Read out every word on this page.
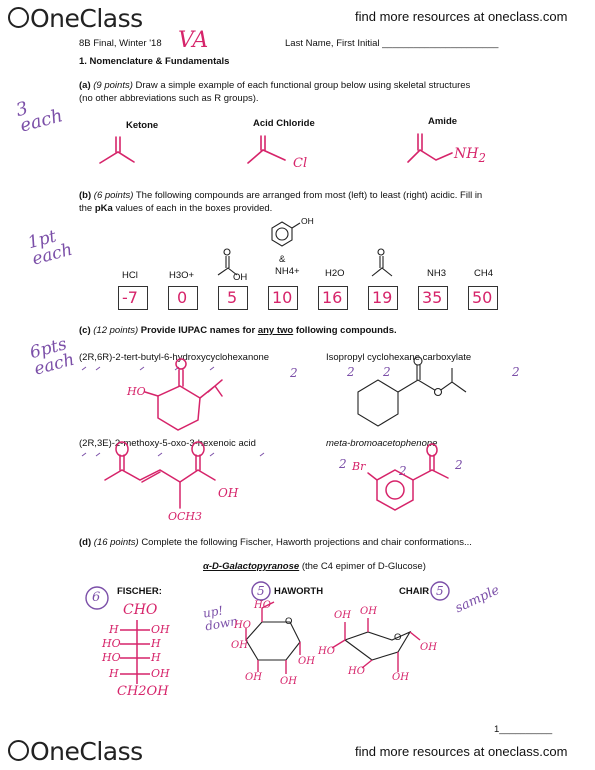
OneClass	find more resources at oneclass.com
8B Final, Winter '18 VA	Last Name, First Initial ______________________
1. Nomenclature & Fundamentals
(a) (9 points) Draw a simple example of each functional group below using skeletal structures
(no other abbreviations such as R groups).
3 each	Ketone	Acid Chloride	Amide
Cl
$NH_2$
(b) (6 points) The following compounds are arranged from most (left) to least (right) acidic. Fill in
the pKa values of each in the boxes provided.
1pt each
OH
&
HCl	H3O+	OH
NH4+	H2O	NH3	CH4
-7 0 5 10 16 19 35 50
(c) (12 points) Provide IUPAC names for any two following compounds.
6pts each (2R,6R)-2-tert-butyl-6-hydroxycyclohexanone	Isopropyl cyclohexane carboxylate
(2R,3E)-2-methoxy-5-oxo-3-hexenoic acid	meta-bromoacetophenone
2	2 2	2
2	2	2
HO
OH
OCH3
Br
(d) (16 points) Complete the following Fischer, Haworth projections and chair conformations...
α-D-Galactopyranose (the C4 epimer of D-Glucose)
6	5	5
FISCHER:	HAWORTH	CHAIR
up! down
sample
CHO
H	OH
HO	H
HO	H
H	OH
CH2OH
O
HO
HO
OH OH
OH
OH
O
OH OH
HO
HO
OH
OH
1__________
OneClass	find more resources at oneclass.com
